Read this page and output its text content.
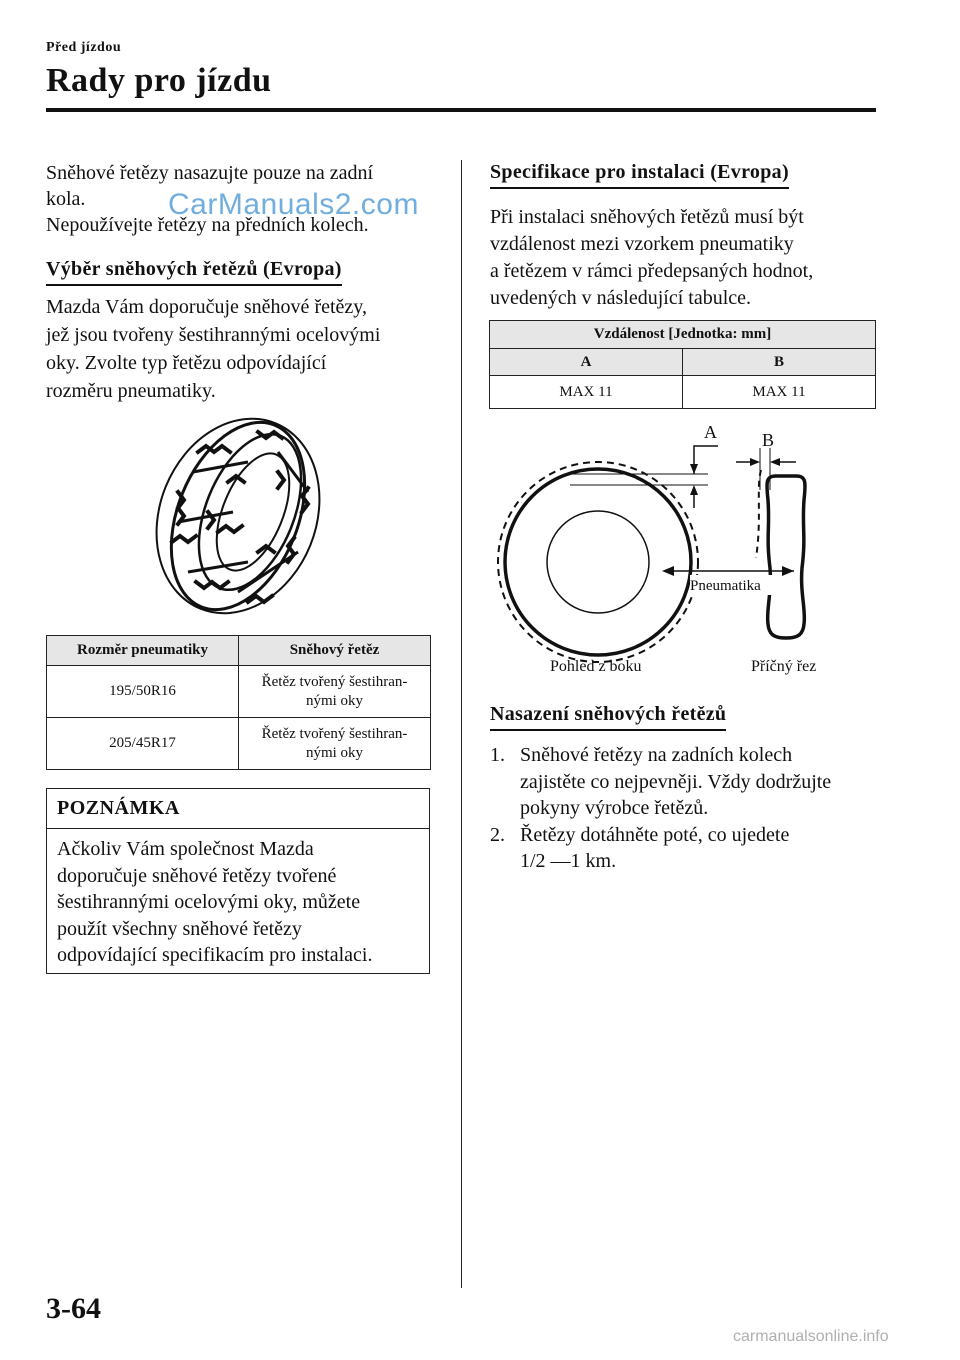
Před jízdou
Rady pro jízdu
Sněhové řetězy nasazujte pouze na zadní
kola.
Nepoužívejte řetězy na předních kolech.
CarManuals2.com
Výběr sněhových řetězů (Evropa)
Mazda Vám doporučuje sněhové řetězy,
jež jsou tvořeny šestihrannými ocelovými
oky. Zvolte typ řetězu odpovídající
rozměru pneumatiky.
Rozměr pneumatiky	Sněhový řetěz
195/50R16	Řetěz tvořený šestihran-
nými oky

205/45R17	Řetěz tvořený šestihran-
nými oky
POZNÁMKA
Ačkoliv Vám společnost Mazda
doporučuje sněhové řetězy tvořené
šestihrannými ocelovými oky, můžete
použít všechny sněhové řetězy
odpovídající specifikacím pro instalaci.
Specifikace pro instalaci (Evropa)
Při instalaci sněhových řetězů musí být
vzdálenost mezi vzorkem pneumatiky
a řetězem v rámci předepsaných hodnot,
uvedených v následující tabulce.
Vzdálenost [Jednotka: mm]	
A	B
MAX 11	MAX 11
A	B
Pneumatika
Pohled z boku	Příčný řez
Nasazení sněhových řetězů
1. Sněhové řetězy na zadních kolech
zajistěte co nejpevněji. Vždy dodržujte
pokyny výrobce řetězů.
2. Řetězy dotáhněte poté, co ujedete
1/2 ―1 km.
3-64
carmanualsonline.info
